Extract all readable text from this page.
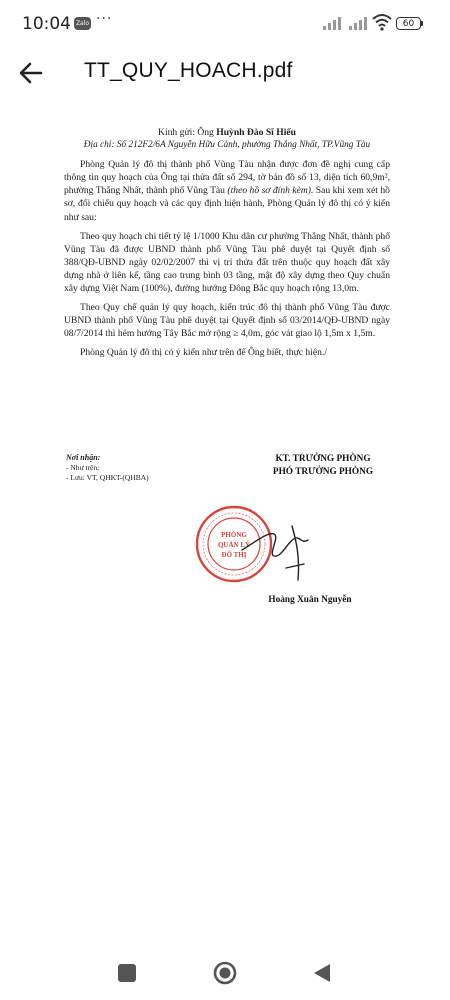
10:04 Zalo ···	60
TT_QUY_HOACH.pdf

Kính gửi: Ông Huỳnh Đào Sĩ Hiếu

Địa chỉ: Số 212F2/6A Nguyễn Hữu Cảnh, phường Thắng Nhất, TP.Vũng Tàu

Phòng Quản lý đô thị thành phố Vũng Tàu nhận được đơn đề nghị cung cấp thông tin quy hoạch của Ông tại thửa đất số 294, tờ bản đồ số 13, diện tích 60,9m², phường Thắng Nhất, thành phố Vũng Tàu (theo hồ sơ đính kèm). Sau khi xem xét hồ sơ, đối chiếu quy hoạch và các quy định hiện hành, Phòng Quản lý đô thị có ý kiến như sau:

Theo quy hoạch chi tiết tỷ lệ 1/1000 Khu dân cư phường Thắng Nhất, thành phố Vũng Tàu đã được UBND thành phố Vũng Tàu phê duyệt tại Quyết định số 388/QĐ-UBND ngày 02/02/2007 thì vị trí thửa đất trên thuộc quy hoạch đất xây dựng nhà ở liên kế, tầng cao trung bình 03 tầng, mật độ xây dựng theo Quy chuẩn xây dựng Việt Nam (100%), đường hướng Đông Bắc quy hoạch rộng 13,0m.

Theo Quy chế quản lý quy hoạch, kiến trúc đô thị thành phố Vũng Tàu được UBND thành phố Vũng Tàu phê duyệt tại Quyết định số 03/2014/QĐ-UBND ngày 08/7/2014 thì hẻm hướng Tây Bắc mở rộng ≥ 4,0m, góc vát giao lộ 1,5m x 1,5m.

Phòng Quản lý đô thị có ý kiến như trên để Ông biết, thực hiện./

Nơi nhận:
- Như trên;
- Lưu: VT, QHKT-(QHBA)
KT. TRƯỞNG PHÒNG
PHÓ TRƯỞNG PHÒNG
PHÒNG
QUẢN LÝ
ĐÔ THỊ
Hoàng Xuân Nguyễn
